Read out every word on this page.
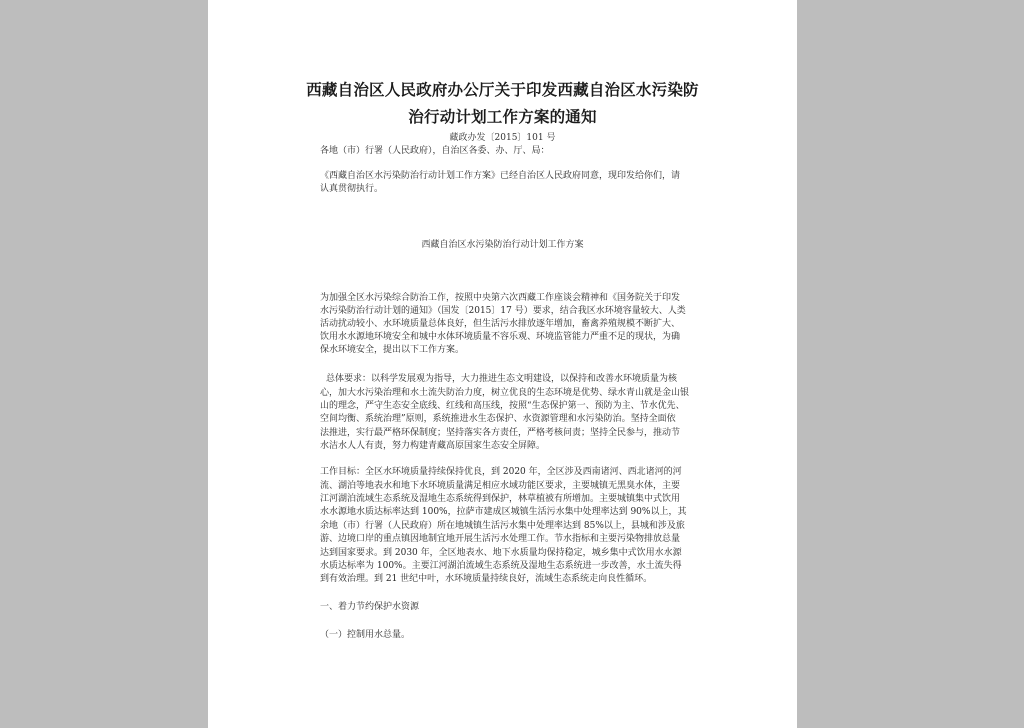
西藏自治区人民政府办公厅关于印发西藏自治区水污染防
治行动计划工作方案的通知
藏政办发〔2015〕101 号
各地（市）行署（人民政府），自治区各委、办、厅、局：
《西藏自治区水污染防治行动计划工作方案》已经自治区人民政府同意，现印发给你们，请
认真贯彻执行。
西藏自治区水污染防治行动计划工作方案
为加强全区水污染综合防治工作，按照中央第六次西藏工作座谈会精神和《国务院关于印发
水污染防治行动计划的通知》（国发〔2015〕17 号）要求，结合我区水环境容量较大、人类
活动扰动较小、水环境质量总体良好，但生活污水排放逐年增加，畜禽养殖规模不断扩大、
饮用水水源地环境安全和城中水体环境质量不容乐观、环境监管能力严重不足的现状，为确
保水环境安全，提出以下工作方案。
总体要求：以科学发展观为指导，大力推进生态文明建设，以保持和改善水环境质量为核
心，加大水污染治理和水土流失防治力度，树立优良的生态环境是优势、绿水青山就是金山银
山的理念，严守生态安全底线、红线和高压线，按照“生态保护第一、预防为主、节水优先、
空间均衡、系统治理”原则，系统推进水生态保护、水资源管理和水污染防治。坚持全面依
法推进，实行最严格环保制度；坚持落实各方责任，严格考核问责；坚持全民参与，推动节
水洁水人人有责，努力构建青藏高原国家生态安全屏障。
工作目标：全区水环境质量持续保持优良，到 2020 年，全区涉及西南诸河、西北诸河的河
流、湖泊等地表水和地下水环境质量满足相应水域功能区要求，主要城镇无黑臭水体，主要
江河湖泊流域生态系统及湿地生态系统得到保护，林草植被有所增加。主要城镇集中式饮用
水水源地水质达标率达到 100%，拉萨市建成区城镇生活污水集中处理率达到 90%以上，其
余地（市）行署（人民政府）所在地城镇生活污水集中处理率达到 85%以上，县城和涉及旅
游、边境口岸的重点镇因地制宜地开展生活污水处理工作。节水指标和主要污染物排放总量
达到国家要求。到 2030 年，全区地表水、地下水质量均保持稳定，城乡集中式饮用水水源
水质达标率为 100%。主要江河湖泊流域生态系统及湿地生态系统进一步改善，水土流失得
到有效治理。到 21 世纪中叶，水环境质量持续良好，流域生态系统走向良性循环。
一、着力节约保护水资源
（一）控制用水总量。
